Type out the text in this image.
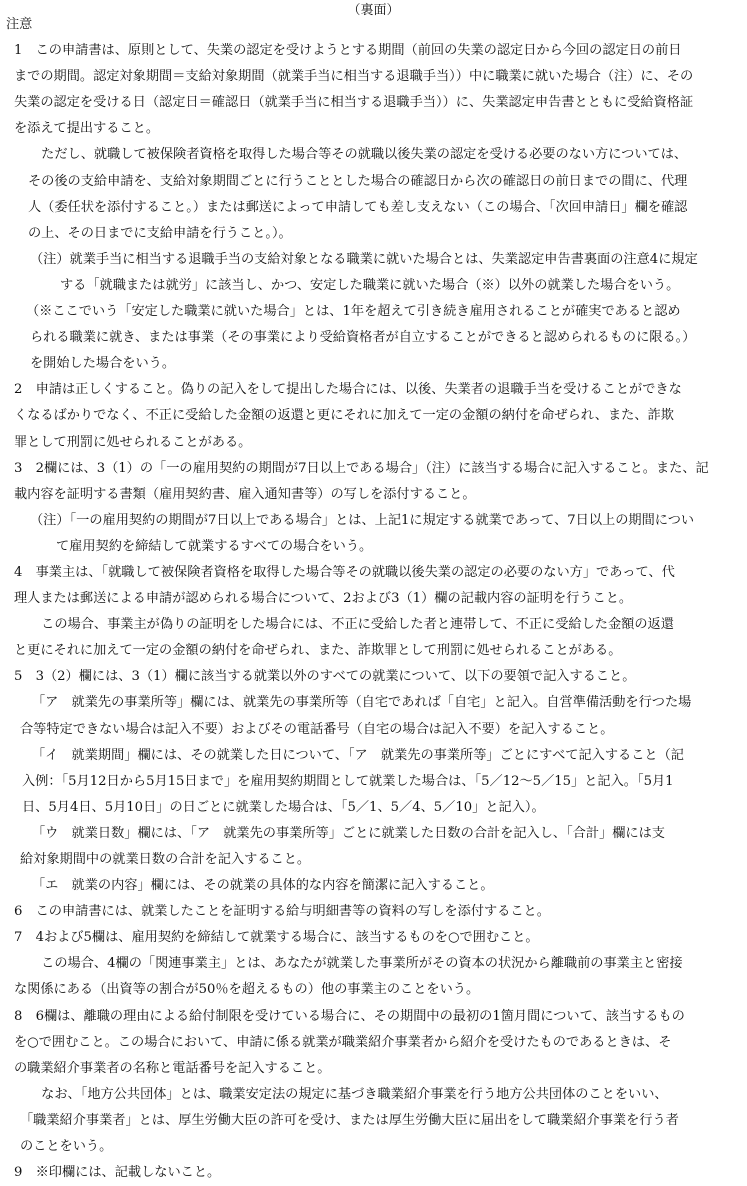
（裏面）
注意
1　この申請書は、原則として、失業の認定を受けようとする期間（前回の失業の認定日から今回の認定日の前日
までの期間。認定対象期間＝支給対象期間（就業手当に相当する退職手当））中に職業に就いた場合（注）に、その
失業の認定を受ける日（認定日＝確認日（就業手当に相当する退職手当））に、失業認定申告書とともに受給資格証
を添えて提出すること。
　ただし、就職して被保険者資格を取得した場合等その就職以後失業の認定を受ける必要のない方については、
その後の支給申請を、支給対象期間ごとに行うこととした場合の確認日から次の確認日の前日までの間に、代理
人（委任状を添付すること。）または郵送によって申請しても差し支えない（この場合、「次回申請日」欄を確認
の上、その日までに支給申請を行うこと。）。
（注）就業手当に相当する退職手当の支給対象となる職業に就いた場合とは、失業認定申告書裏面の注意4に規定
する「就職または就労」に該当し、かつ、安定した職業に就いた場合（※）以外の就業した場合をいう。
（※ここでいう「安定した職業に就いた場合」とは、1年を超えて引き続き雇用されることが確実であると認め
られる職業に就き、または事業（その事業により受給資格者が自立することができると認められるものに限る。）
を開始した場合をいう。
2　申請は正しくすること。偽りの記入をして提出した場合には、以後、失業者の退職手当を受けることができな
くなるばかりでなく、不正に受給した金額の返還と更にそれに加えて一定の金額の納付を命ぜられ、また、詐欺
罪として刑罰に処せられることがある。
3　2欄には、3（1）の「一の雇用契約の期間が7日以上である場合」（注）に該当する場合に記入すること。また、記
載内容を証明する書類（雇用契約書、雇入通知書等）の写しを添付すること。
（注）「一の雇用契約の期間が7日以上である場合」とは、上記1に規定する就業であって、7日以上の期間につい
て雇用契約を締結して就業するすべての場合をいう。
4　事業主は、「就職して被保険者資格を取得した場合等その就職以後失業の認定の必要のない方」であって、代
理人または郵送による申請が認められる場合について、2および3（1）欄の記載内容の証明を行うこと。
　この場合、事業主が偽りの証明をした場合には、不正に受給した者と連帯して、不正に受給した金額の返還
と更にそれに加えて一定の金額の納付を命ぜられ、また、詐欺罪として刑罰に処せられることがある。
5　3（2）欄には、3（1）欄に該当する就業以外のすべての就業について、以下の要領で記入すること。
「ア　就業先の事業所等」欄には、就業先の事業所等（自宅であれば「自宅」と記入。自営準備活動を行つた場
合等特定できない場合は記入不要）およびその電話番号（自宅の場合は記入不要）を記入すること。
「イ　就業期間」欄には、その就業した日について、「ア　就業先の事業所等」ごとにすべて記入すること（記
入例：「5月12日から5月15日まで」を雇用契約期間として就業した場合は、「5／12～5／15」と記入。「5月1
日、5月4日、5月10日」の日ごとに就業した場合は、「5／1、5／4、5／10」と記入）。
「ウ　就業日数」欄には、「ア　就業先の事業所等」ごとに就業した日数の合計を記入し、「合計」欄には支
給対象期間中の就業日数の合計を記入すること。
「エ　就業の内容」欄には、その就業の具体的な内容を簡潔に記入すること。
6　この申請書には、就業したことを証明する給与明細書等の資料の写しを添付すること。
7　4および5欄は、雇用契約を締結して就業する場合に、該当するものを○で囲むこと。
　この場合、4欄の「関連事業主」とは、あなたが就業した事業所がその資本の状況から離職前の事業主と密接
な関係にある（出資等の割合が50％を超えるもの）他の事業主のことをいう。
8　6欄は、離職の理由による給付制限を受けている場合に、その期間中の最初の1箇月間について、該当するもの
を○で囲むこと。この場合において、申請に係る就業が職業紹介事業者から紹介を受けたものであるときは、そ
の職業紹介事業者の名称と電話番号を記入すること。
　なお、「地方公共団体」とは、職業安定法の規定に基づき職業紹介事業を行う地方公共団体のことをいい、
「職業紹介事業者」とは、厚生労働大臣の許可を受け、または厚生労働大臣に届出をして職業紹介事業を行う者
のことをいう。
9　※印欄には、記載しないこと。
